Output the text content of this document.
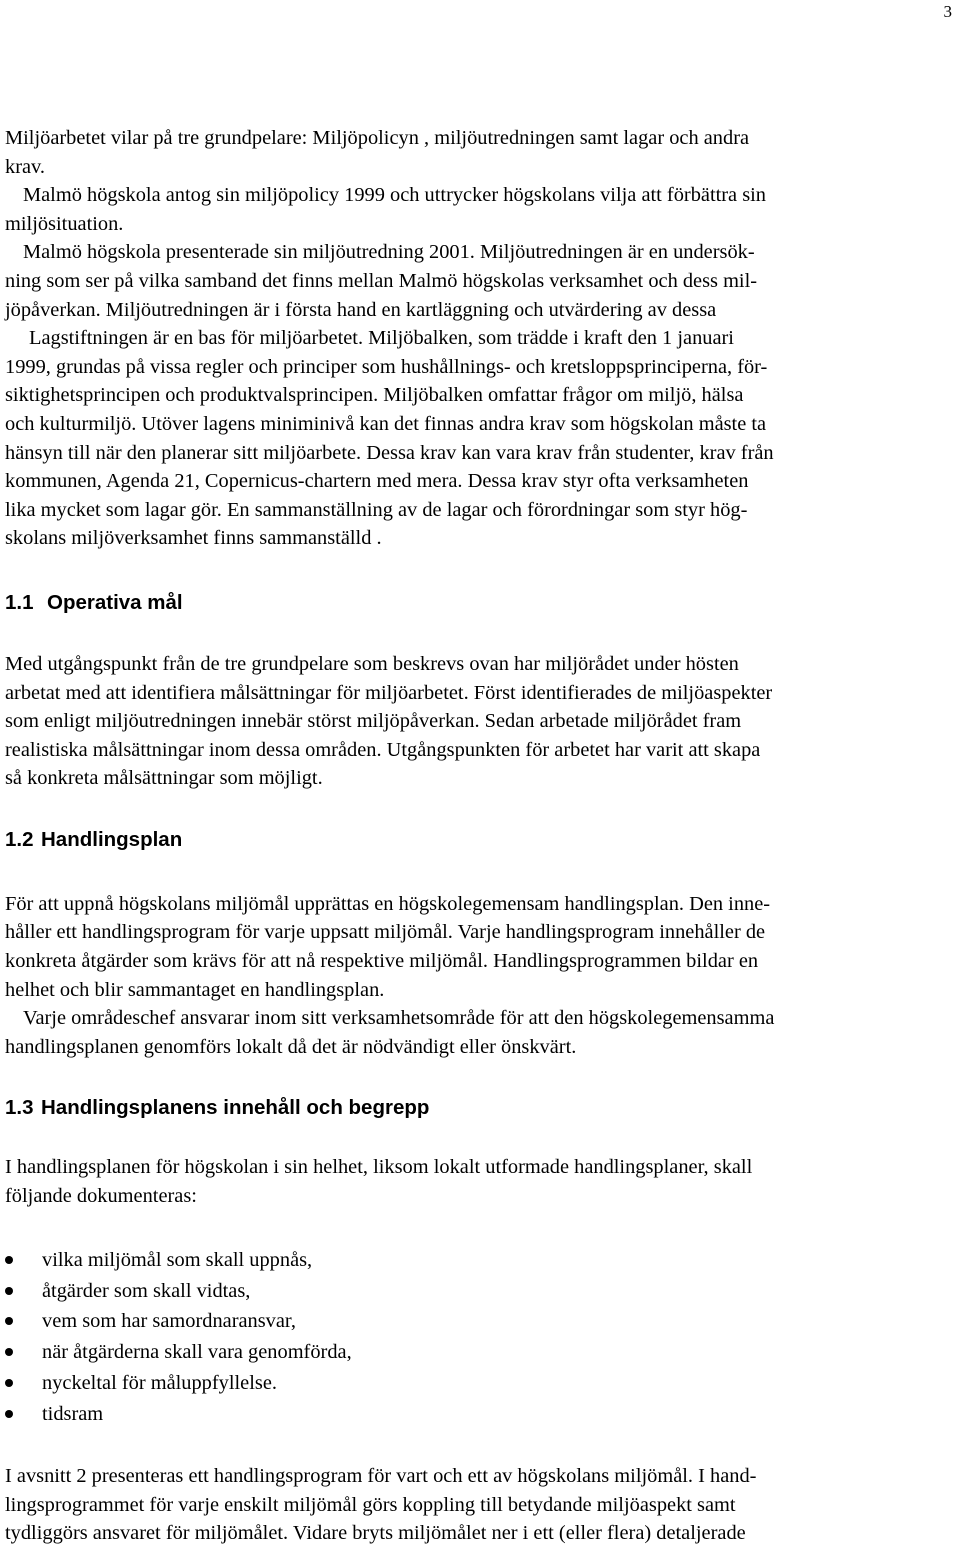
3
Miljöarbetet vilar på tre grundpelare: Miljöpolicyn , miljöutredningen samt lagar och andra
krav.
Malmö högskola antog sin miljöpolicy 1999 och uttrycker högskolans vilja att förbättra sin
miljösituation.
Malmö högskola presenterade sin miljöutredning 2001. Miljöutredningen är en undersök-
ning som ser på vilka samband det finns mellan Malmö högskolas verksamhet och dess mil-
jöpåverkan. Miljöutredningen är i första hand en kartläggning och utvärdering av dessa
Lagstiftningen är en bas för miljöarbetet. Miljöbalken, som trädde i kraft den 1 januari
1999, grundas på vissa regler och principer som hushållnings- och kretsloppsprinciperna, för-
siktighetsprincipen och produktvalsprincipen. Miljöbalken omfattar frågor om miljö, hälsa
och kulturmiljö. Utöver lagens miniminivå kan det finnas andra krav som högskolan måste ta
hänsyn till när den planerar sitt miljöarbete. Dessa krav kan vara krav från studenter, krav från
kommunen, Agenda 21, Copernicus-chartern med mera. Dessa krav styr ofta verksamheten
lika mycket som lagar gör. En sammanställning av de lagar och förordningar som styr hög-
skolans miljöverksamhet finns sammanställd .
1.1 Operativa mål
Med utgångspunkt från de tre grundpelare som beskrevs ovan har miljörådet under hösten
arbetat med att identifiera målsättningar för miljöarbetet. Först identifierades de miljöaspekter
som enligt miljöutredningen innebär störst miljöpåverkan. Sedan arbetade miljörådet fram
realistiska målsättningar inom dessa områden. Utgångspunkten för arbetet har varit att skapa
så konkreta målsättningar som möjligt.
1.2 Handlingsplan
För att uppnå högskolans miljömål upprättas en högskolegemensam handlingsplan. Den inne-
håller ett handlingsprogram för varje uppsatt miljömål. Varje handlingsprogram innehåller de
konkreta åtgärder som krävs för att nå respektive miljömål. Handlingsprogrammen bildar en
helhet och blir sammantaget en handlingsplan.
Varje områdeschef ansvarar inom sitt verksamhetsområde för att den högskolegemensamma
handlingsplanen genomförs lokalt då det är nödvändigt eller önskvärt.
1.3 Handlingsplanens innehåll och begrepp
I handlingsplanen för högskolan i sin helhet, liksom lokalt utformade handlingsplaner, skall
följande dokumenteras:
vilka miljömål som skall uppnås,
åtgärder som skall vidtas,
vem som har samordnaransvar,
när åtgärderna skall vara genomförda,
nyckeltal för måluppfyllelse.
tidsram
I avsnitt 2 presenteras ett handlingsprogram för vart och ett av högskolans miljömål. I hand-
lingsprogrammet för varje enskilt miljömål görs koppling till betydande miljöaspekt samt
tydliggörs ansvaret för miljömålet. Vidare bryts miljömålet ner i ett (eller flera) detaljerade
